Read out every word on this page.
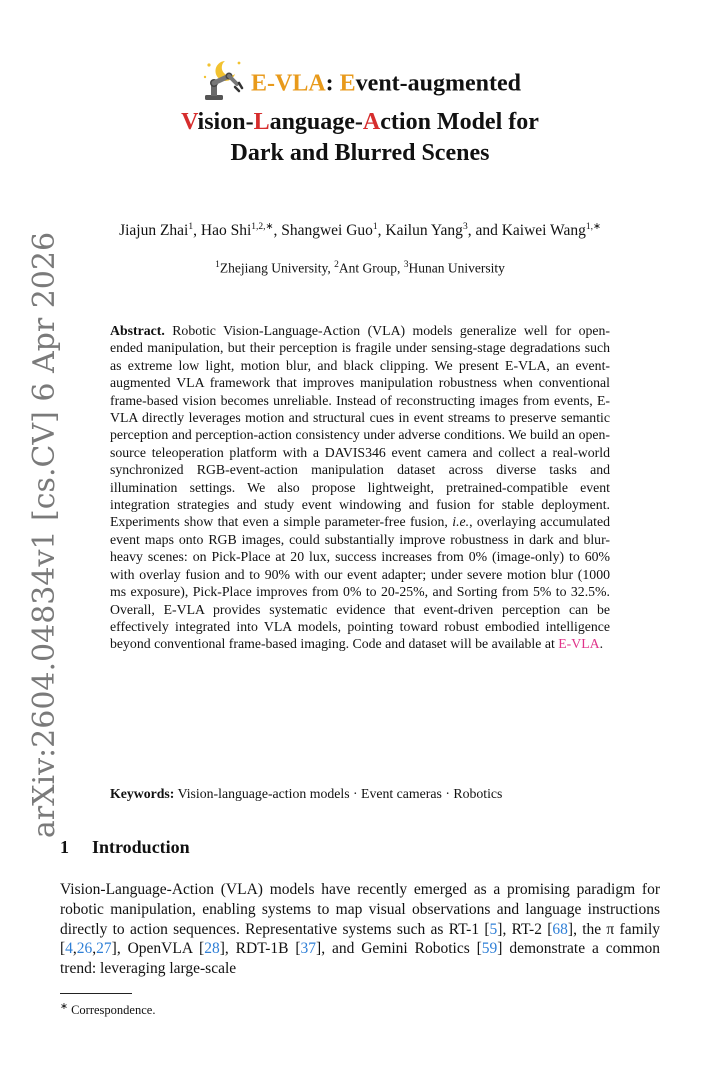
arXiv:2604.04834v1 [cs.CV] 6 Apr 2026
E-VLA: Event-augmented
Vision-Language-Action Model for
Dark and Blurred Scenes
Jiajun Zhai$^1$, Hao Shi$^{1,2,∗}$, Shangwei Guo$^1$, Kailun Yang$^3$, and Kaiwei Wang$^{1,∗}$
$^1$Zhejiang University, $^2$Ant Group, $^3$Hunan University
Abstract. Robotic Vision-Language-Action (VLA) models generalize well for open-ended manipulation, but their perception is fragile under sensing-stage degradations such as extreme low light, motion blur, and black clipping. We present E-VLA, an event-augmented VLA framework that improves manipulation robustness when conventional frame-based vision becomes unreliable. Instead of reconstructing images from events, E-VLA directly leverages motion and structural cues in event streams to preserve semantic perception and perception-action consistency under adverse conditions. We build an open-source teleoperation platform with a DAVIS346 event camera and collect a real-world synchronized RGB-event-action manipulation dataset across diverse tasks and illumination settings. We also propose lightweight, pretrained-compatible event integration strategies and study event windowing and fusion for stable deployment. Experiments show that even a simple parameter-free fusion, i.e., overlaying accumulated event maps onto RGB images, could substantially improve robustness in dark and blur-heavy scenes: on Pick-Place at 20 lux, success increases from 0% (image-only) to 60% with overlay fusion and to 90% with our event adapter; under severe motion blur (1000 ms exposure), Pick-Place improves from 0% to 20-25%, and Sorting from 5% to 32.5%. Overall, E-VLA provides systematic evidence that event-driven perception can be effectively integrated into VLA models, pointing toward robust embodied intelligence beyond conventional frame-based imaging. Code and dataset will be available at E-VLA.
Keywords: Vision-language-action models · Event cameras · Robotics
1 Introduction
Vision-Language-Action (VLA) models have recently emerged as a promising paradigm for robotic manipulation, enabling systems to map visual observations and language instructions directly to action sequences. Representative systems such as RT-1 [5], RT-2 [68], the π family [4,26,27], OpenVLA [28], RDT-1B [37], and Gemini Robotics [59] demonstrate a common trend: leveraging large-scale
∗ Correspondence.
